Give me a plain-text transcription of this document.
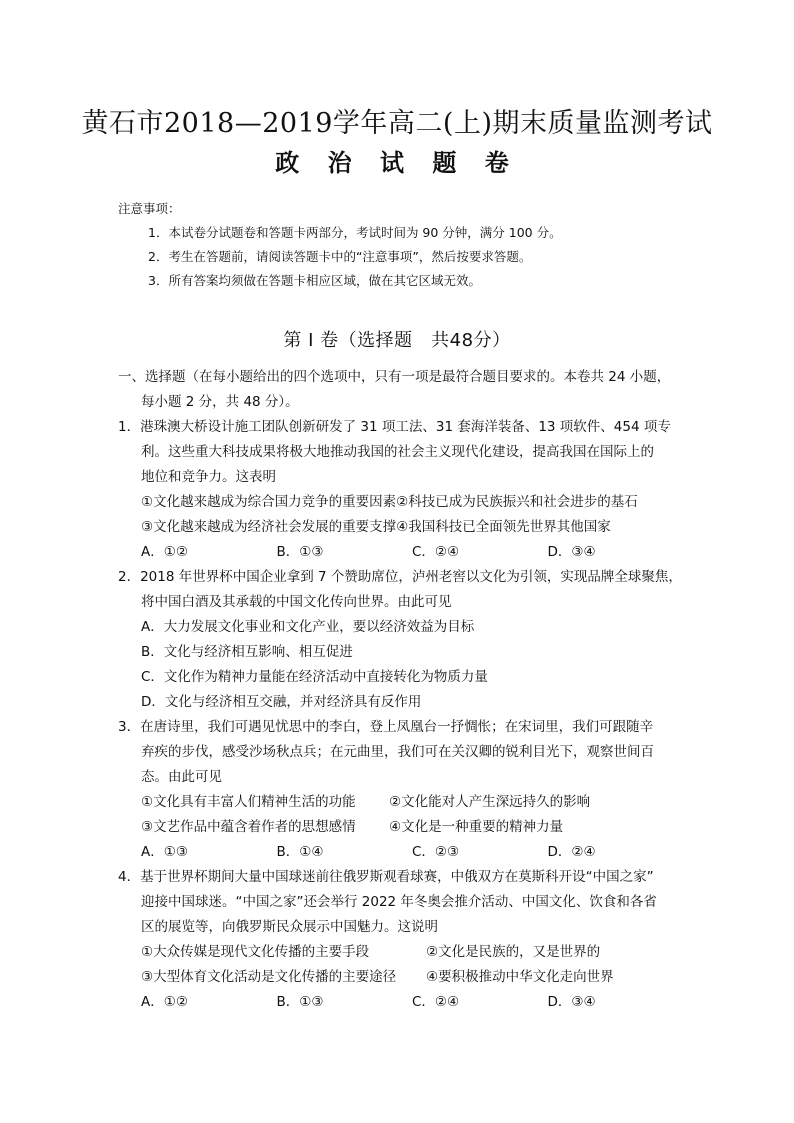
黄石市2018—2019学年高二(上)期末质量监测考试
政 治 试 题 卷
注意事项：
1．本试卷分试题卷和答题卡两部分，考试时间为 90 分钟，满分 100 分。
2．考生在答题前，请阅读答题卡中的“注意事项”，然后按要求答题。
3．所有答案均须做在答题卡相应区域，做在其它区域无效。
第 I 卷（选择题　共48分）
一、选择题（在每小题给出的四个选项中，只有一项是最符合题目要求的。本卷共 24 小题，
每小题 2 分，共 48 分）。
1．港珠澳大桥设计施工团队创新研发了 31 项工法、31 套海洋装备、13 项软件、454 项专
利。这些重大科技成果将极大地推动我国的社会主义现代化建设，提高我国在国际上的
地位和竞争力。这表明
①文化越来越成为综合国力竞争的重要因素②科技已成为民族振兴和社会进步的基石
③文化越来越成为经济社会发展的重要支撑④我国科技已全面领先世界其他国家
A．①②	B．①③	C．②④	D．③④
2．2018 年世界杯中国企业拿到 7 个赞助席位，泸州老窖以文化为引领，实现品牌全球聚焦，
将中国白酒及其承载的中国文化传向世界。由此可见
A．大力发展文化事业和文化产业，要以经济效益为目标
B．文化与经济相互影响、相互促进
C．文化作为精神力量能在经济活动中直接转化为物质力量
D．文化与经济相互交融，并对经济具有反作用
3．在唐诗里，我们可遇见忧思中的李白，登上凤凰台一抒惆怅；在宋词里，我们可跟随辛
弃疾的步伐，感受沙场秋点兵；在元曲里，我们可在关汉卿的锐利目光下，观察世间百
态。由此可见
①文化具有丰富人们精神生活的功能	②文化能对人产生深远持久的影响
③文艺作品中蕴含着作者的思想感情	④文化是一种重要的精神力量
A．①③	B．①④	C．②③	D．②④
4．基于世界杯期间大量中国球迷前往俄罗斯观看球赛，中俄双方在莫斯科开设“中国之家”
迎接中国球迷。“中国之家”还会举行 2022 年冬奥会推介活动、中国文化、饮食和各省
区的展览等，向俄罗斯民众展示中国魅力。这说明
①大众传媒是现代文化传播的主要手段	②文化是民族的，又是世界的
③大型体育文化活动是文化传播的主要途径	④要积极推动中华文化走向世界
A．①②	B．①③	C．②④	D．③④
